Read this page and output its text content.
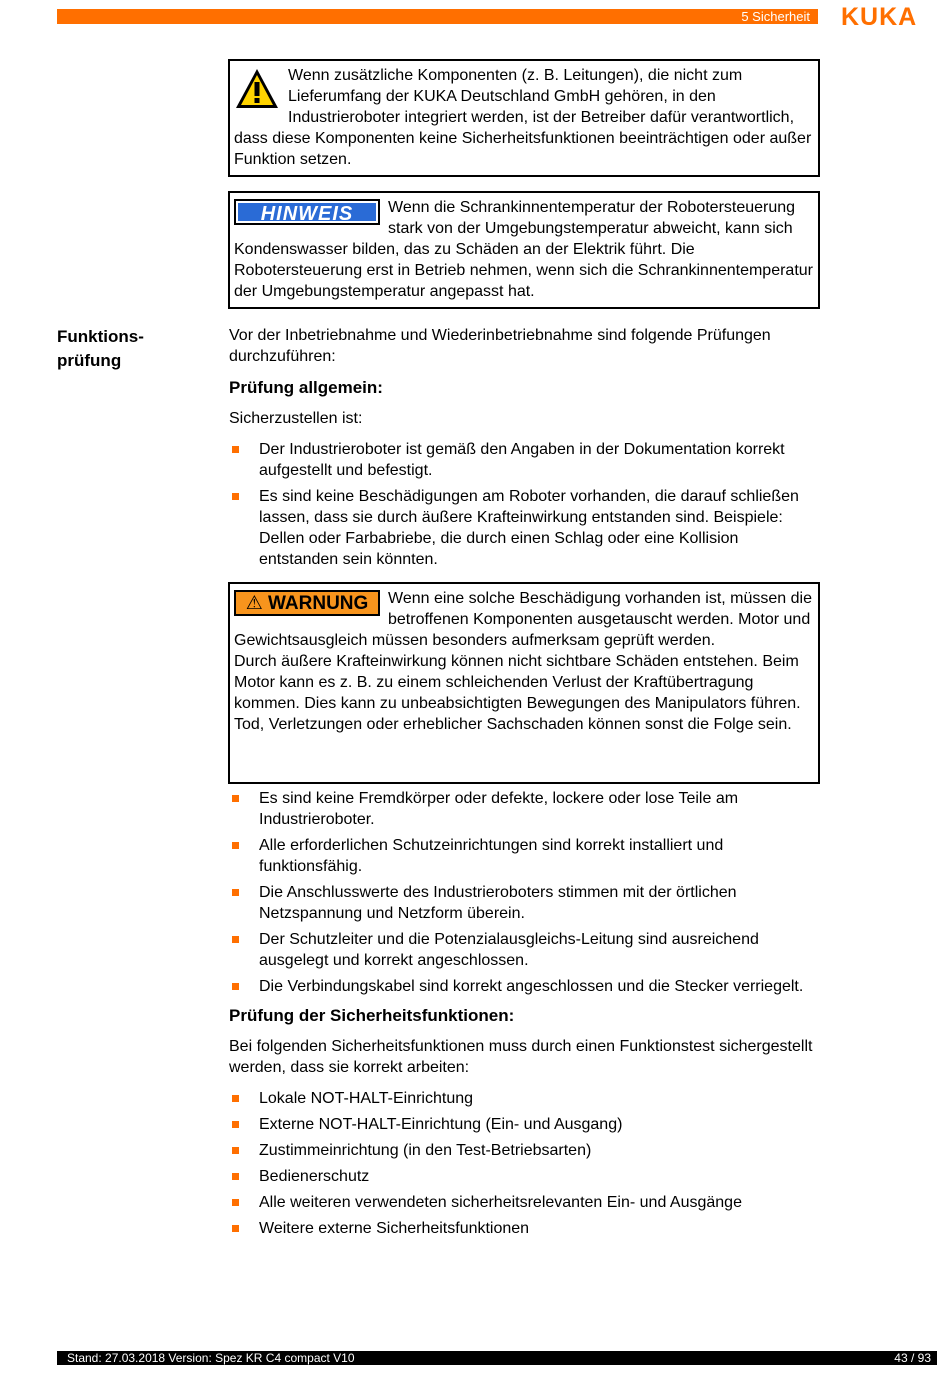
5 Sicherheit KUKA

Wenn zusätzliche Komponenten (z. B. Leitungen), die nicht zum Lieferumfang der KUKA Deutschland GmbH gehören, in den Industrieroboter integriert werden, ist der Betreiber dafür verantwortlich, dass diese Komponenten keine Sicherheitsfunktionen beeinträchtigen oder außer Funktion setzen.

HINWEIS	Wenn die Schrankinnentemperatur der Robotersteuerung stark von der Umgebungstemperatur abweicht, kann sich Kondenswasser bilden, das zu Schäden an der Elektrik führt. Die Robotersteuerung erst in Betrieb nehmen, wenn sich die Schrankinnentemperatur der Umgebungstemperatur angepasst hat.

Funktions-
prüfung

Vor der Inbetriebnahme und Wiederinbetriebnahme sind folgende Prüfungen durchzuführen:

Prüfung allgemein:

Sicherzustellen ist:

Der Industrieroboter ist gemäß den Angaben in der Dokumentation korrekt aufgestellt und befestigt.
Es sind keine Beschädigungen am Roboter vorhanden, die darauf schließen lassen, dass sie durch äußere Krafteinwirkung entstanden sind. Beispiele: Dellen oder Farbabriebe, die durch einen Schlag oder eine Kollision entstanden sein könnten.
⚠ WARNUNG	Wenn eine solche Beschädigung vorhanden ist, müssen die betroffenen Komponenten ausgetauscht werden. Motor und Gewichtsausgleich müssen besonders aufmerksam geprüft werden.

Durch äußere Krafteinwirkung können nicht sichtbare Schäden entstehen. Beim Motor kann es z. B. zu einem schleichenden Verlust der Kraftübertragung kommen. Dies kann zu unbeabsichtigten Bewegungen des Manipulators führen. Tod, Verletzungen oder erheblicher Sachschaden können sonst die Folge sein.

Es sind keine Fremdkörper oder defekte, lockere oder lose Teile am Industrieroboter.
Alle erforderlichen Schutzeinrichtungen sind korrekt installiert und funktionsfähig.
Die Anschlusswerte des Industrieroboters stimmen mit der örtlichen Netzspannung und Netzform überein.
Der Schutzleiter und die Potenzialausgleichs-Leitung sind ausreichend ausgelegt und korrekt angeschlossen.
Die Verbindungskabel sind korrekt angeschlossen und die Stecker verriegelt.

Prüfung der Sicherheitsfunktionen:

Bei folgenden Sicherheitsfunktionen muss durch einen Funktionstest sichergestellt werden, dass sie korrekt arbeiten:

Lokale NOT-HALT-Einrichtung
Externe NOT-HALT-Einrichtung (Ein- und Ausgang)
Zustimmeinrichtung (in den Test-Betriebsarten)
Bedienerschutz
Alle weiteren verwendeten sicherheitsrelevanten Ein- und Ausgänge
Weitere externe Sicherheitsfunktionen
Stand: 27.03.2018 Version: Spez KR C4 compact V10	43 / 93
